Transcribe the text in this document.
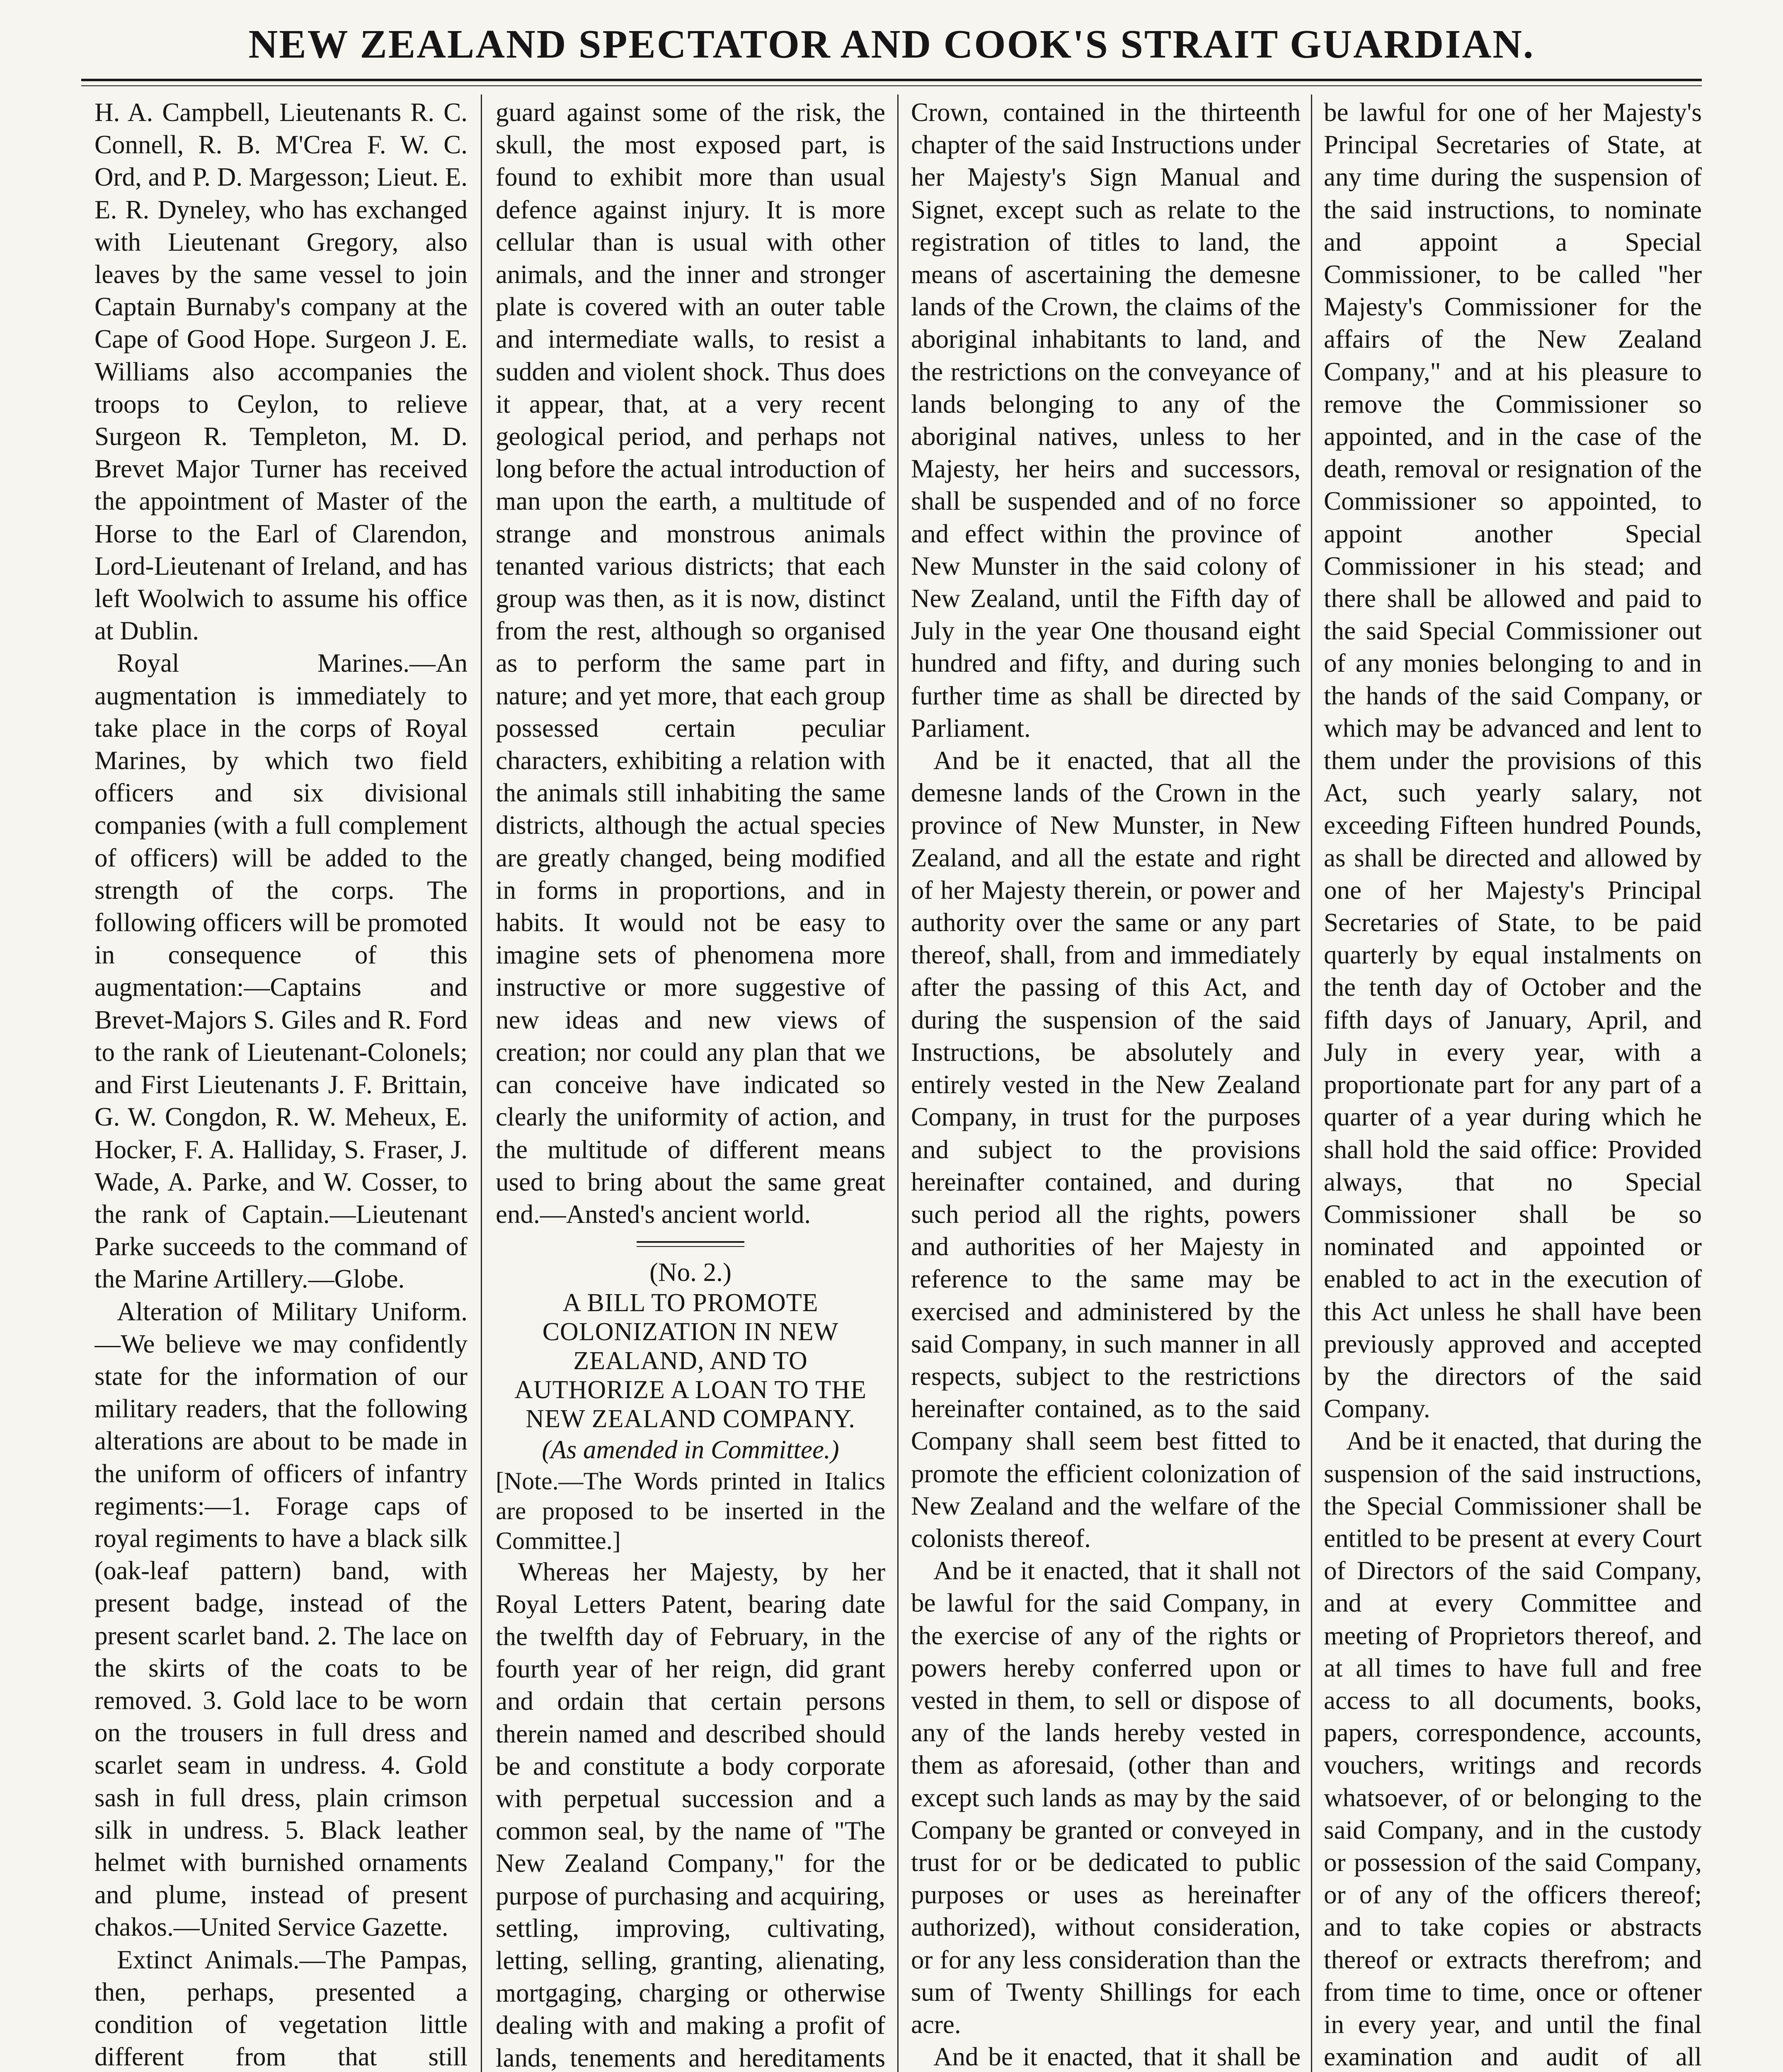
NEW ZEALAND SPECTATOR AND COOK'S STRAIT GUARDIAN.

H. A. Campbell, Lieutenants R. C. Connell, R. B. M'Crea F. W. C. Ord, and P. D. Margesson; Lieut. E. E. R. Dyneley, who has exchanged with Lieutenant Gregory, also leaves by the same vessel to join Captain Burnaby's company at the Cape of Good Hope. Surgeon J. E. Williams also accompanies the troops to Ceylon, to relieve Surgeon R. Templeton, M. D. Brevet Major Turner has received the appointment of Master of the Horse to the Earl of Clarendon, Lord-Lieutenant of Ireland, and has left Woolwich to assume his office at Dublin.

Royal Marines.—An augmentation is immediately to take place in the corps of Royal Marines, by which two field officers and six divisional companies (with a full complement of officers) will be added to the strength of the corps. The following officers will be promoted in consequence of this augmentation:—Captains and Brevet-Majors S. Giles and R. Ford to the rank of Lieutenant-Colonels; and First Lieutenants J. F. Brittain, G. W. Congdon, R. W. Meheux, E. Hocker, F. A. Halliday, S. Fraser, J. Wade, A. Parke, and W. Cosser, to the rank of Captain.—Lieutenant Parke succeeds to the command of the Marine Artillery.—Globe.

Alteration of Military Uniform.—We believe we may confidently state for the information of our military readers, that the following alterations are about to be made in the uniform of officers of infantry regiments:—1. Forage caps of royal regiments to have a black silk (oak-leaf pattern) band, with present badge, instead of the present scarlet band. 2. The lace on the skirts of the coats to be removed. 3. Gold lace to be worn on the trousers in full dress and scarlet seam in undress. 4. Gold sash in full dress, plain crimson silk in undress. 5. Black leather helmet with burnished ornaments and plume, instead of present chakos.—United Service Gazette.

Extinct Animals.—The Pampas, then, perhaps, presented a condition of vegetation little different from that still

guard against some of the risk, the skull, the most exposed part, is found to exhibit more than usual defence against injury. It is more cellular than is usual with other animals, and the inner and stronger plate is covered with an outer table and intermediate walls, to resist a sudden and violent shock. Thus does it appear, that, at a very recent geological period, and perhaps not long before the actual introduction of man upon the earth, a multitude of strange and monstrous animals tenanted various districts; that each group was then, as it is now, distinct from the rest, although so organised as to perform the same part in nature; and yet more, that each group possessed certain peculiar characters, exhibiting a relation with the animals still inhabiting the same districts, although the actual species are greatly changed, being modified in forms in proportions, and in habits. It would not be easy to imagine sets of phenomena more instructive or more suggestive of new ideas and new views of creation; nor could any plan that we can conceive have indicated so clearly the uniformity of action, and the multitude of different means used to bring about the same great end.—Ansted's ancient world.

(No. 2.)

A BILL TO PROMOTE COLONIZATION IN NEW ZEALAND, AND TO AUTHORIZE A LOAN TO THE NEW ZEALAND COMPANY.

(As amended in Committee.)

[Note.—The Words printed in Italics are proposed to be inserted in the Committee.]

Whereas her Majesty, by her Royal Letters Patent, bearing date the twelfth day of February, in the fourth year of her reign, did grant and ordain that certain persons therein named and described should be and constitute a body corporate with perpetual succession and a common seal, by the name of "The New Zealand Company," for the purpose of purchasing and acquiring, settling, improving, cultivating, letting, selling, granting, alienating, mortgaging, charging or otherwise dealing with and making a profit of lands, tenements and hereditaments

Crown, contained in the thirteenth chapter of the said Instructions under her Majesty's Sign Manual and Signet, except such as relate to the registration of titles to land, the means of ascertaining the demesne lands of the Crown, the claims of the aboriginal inhabitants to land, and the restrictions on the conveyance of lands belonging to any of the aboriginal natives, unless to her Majesty, her heirs and successors, shall be suspended and of no force and effect within the province of New Munster in the said colony of New Zealand, until the Fifth day of July in the year One thousand eight hundred and fifty, and during such further time as shall be directed by Parliament.

And be it enacted, that all the demesne lands of the Crown in the province of New Munster, in New Zealand, and all the estate and right of her Majesty therein, or power and authority over the same or any part thereof, shall, from and immediately after the passing of this Act, and during the suspension of the said Instructions, be absolutely and entirely vested in the New Zealand Company, in trust for the purposes and subject to the provisions hereinafter contained, and during such period all the rights, powers and authorities of her Majesty in reference to the same may be exercised and administered by the said Company, in such manner in all respects, subject to the restrictions hereinafter contained, as to the said Company shall seem best fitted to promote the efficient colonization of New Zealand and the welfare of the colonists thereof.

And be it enacted, that it shall not be lawful for the said Company, in the exercise of any of the rights or powers hereby conferred upon or vested in them, to sell or dispose of any of the lands hereby vested in them as aforesaid, (other than and except such lands as may by the said Company be granted or conveyed in trust for or be dedicated to public purposes or uses as hereinafter authorized), without consideration, or for any less consideration than the sum of Twenty Shillings for each acre.

And be it enacted, that it shall be

be lawful for one of her Majesty's Principal Secretaries of State, at any time during the suspension of the said instructions, to nominate and appoint a Special Commissioner, to be called "her Majesty's Commissioner for the affairs of the New Zealand Company," and at his pleasure to remove the Commissioner so appointed, and in the case of the death, removal or resignation of the Commissioner so appointed, to appoint another Special Commissioner in his stead; and there shall be allowed and paid to the said Special Commissioner out of any monies belonging to and in the hands of the said Company, or which may be advanced and lent to them under the provisions of this Act, such yearly salary, not exceeding Fifteen hundred Pounds, as shall be directed and allowed by one of her Majesty's Principal Secretaries of State, to be paid quarterly by equal instalments on the tenth day of October and the fifth days of January, April, and July in every year, with a proportionate part for any part of a quarter of a year during which he shall hold the said office: Provided always, that no Special Commissioner shall be so nominated and appointed or enabled to act in the execution of this Act unless he shall have been previously approved and accepted by the directors of the said Company.

And be it enacted, that during the suspension of the said instructions, the Special Commissioner shall be entitled to be present at every Court of Directors of the said Company, and at every Committee and meeting of Proprietors thereof, and at all times to have full and free access to all documents, books, papers, correspondence, accounts, vouchers, writings and records whatsoever, of or belonging to the said Company, and in the custody or possession of the said Company, or of any of the officers thereof; and to take copies or abstracts thereof or extracts therefrom; and from time to time, once or oftener in every year, and until the final examination and audit of all
